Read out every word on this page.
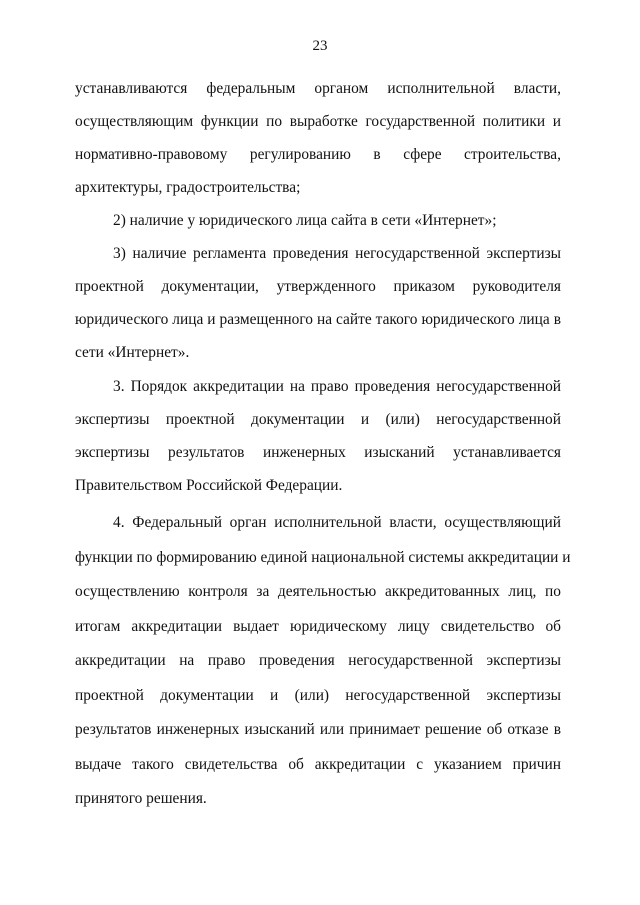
23
устанавливаются федеральным органом исполнительной власти,
осуществляющим функции по выработке государственной политики и
нормативно-правовому регулированию в сфере строительства,
архитектуры, градостроительства;
2) наличие у юридического лица сайта в сети «Интернет»;
3) наличие регламента проведения негосударственной экспертизы
проектной документации, утвержденного приказом руководителя
юридического лица и размещенного на сайте такого юридического лица в
сети «Интернет».
3. Порядок аккредитации на право проведения негосударственной
экспертизы проектной документации и (или) негосударственной
экспертизы результатов инженерных изысканий устанавливается
Правительством Российской Федерации.
4. Федеральный орган исполнительной власти, осуществляющий
функции по формированию единой национальной системы аккредитации и
осуществлению контроля за деятельностью аккредитованных лиц, по
итогам аккредитации выдает юридическому лицу свидетельство об
аккредитации на право проведения негосударственной экспертизы
проектной документации и (или) негосударственной экспертизы
результатов инженерных изысканий или принимает решение об отказе в
выдаче такого свидетельства об аккредитации с указанием причин
принятого решения.
